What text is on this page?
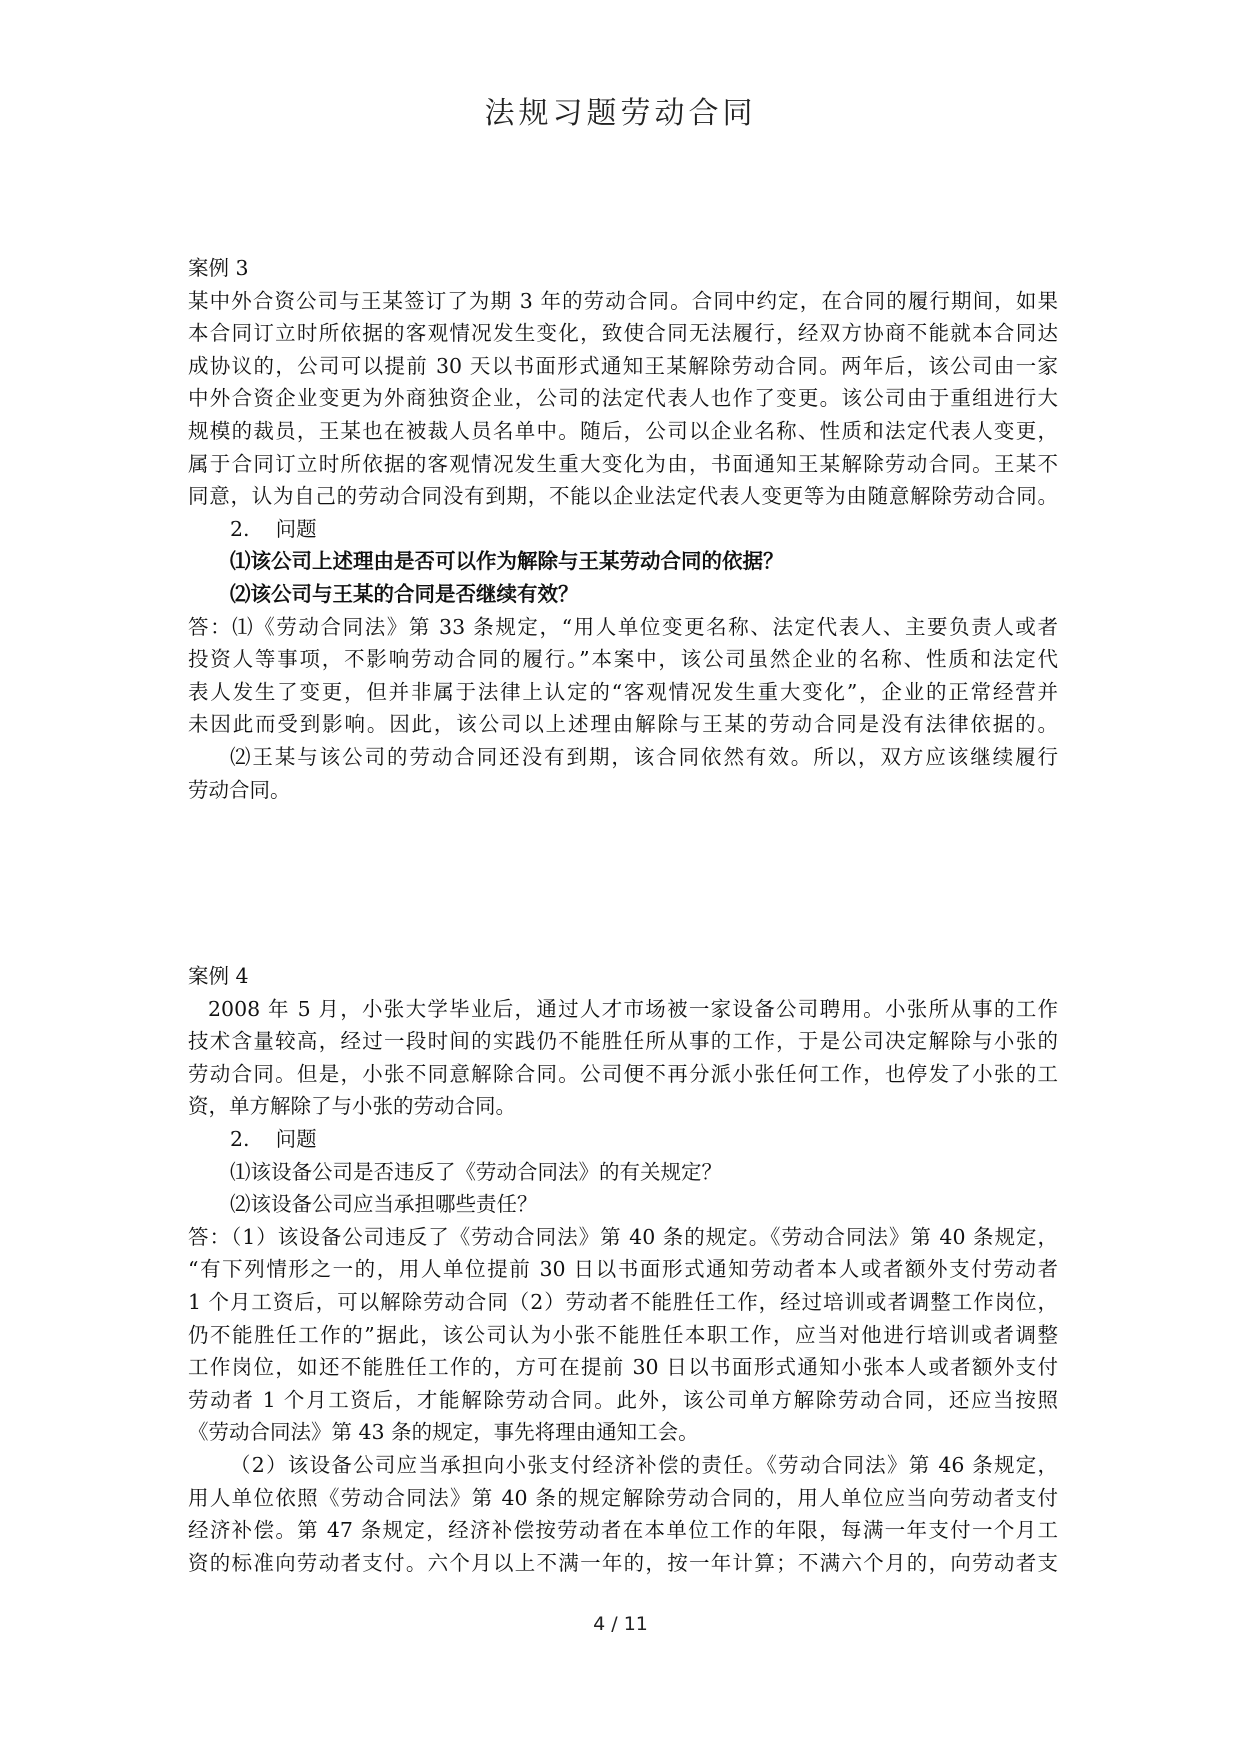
法规习题劳动合同
案例 3
某中外合资公司与王某签订了为期 3 年的劳动合同。合同中约定，在合同的履行期间，如果
本合同订立时所依据的客观情况发生变化，致使合同无法履行，经双方协商不能就本合同达
成协议的，公司可以提前 30 天以书面形式通知王某解除劳动合同。两年后，该公司由一家
中外合资企业变更为外商独资企业，公司的法定代表人也作了变更。该公司由于重组进行大
规模的裁员，王某也在被裁人员名单中。随后，公司以企业名称、性质和法定代表人变更，
属于合同订立时所依据的客观情况发生重大变化为由，书面通知王某解除劳动合同。王某不
同意，认为自己的劳动合同没有到期，不能以企业法定代表人变更等为由随意解除劳动合同。
2.    问题
⑴该公司上述理由是否可以作为解除与王某劳动合同的依据？
⑵该公司与王某的合同是否继续有效？
答：⑴《劳动合同法》第 33 条规定，“用人单位变更名称、法定代表人、主要负责人或者
投资人等事项，不影响劳动合同的履行。”本案中，该公司虽然企业的名称、性质和法定代
表人发生了变更，但并非属于法律上认定的“客观情况发生重大变化”，企业的正常经营并
未因此而受到影响。因此，该公司以上述理由解除与王某的劳动合同是没有法律依据的。
⑵王某与该公司的劳动合同还没有到期，该合同依然有效。所以，双方应该继续履行
劳动合同。
案例 4
2008 年 5 月，小张大学毕业后，通过人才市场被一家设备公司聘用。小张所从事的工作
技术含量较高，经过一段时间的实践仍不能胜任所从事的工作，于是公司决定解除与小张的
劳动合同。但是，小张不同意解除合同。公司便不再分派小张任何工作，也停发了小张的工
资，单方解除了与小张的劳动合同。
2.    问题
⑴该设备公司是否违反了《劳动合同法》的有关规定？
⑵该设备公司应当承担哪些责任？
答：（1）该设备公司违反了《劳动合同法》第 40 条的规定。《劳动合同法》第 40 条规定，
“有下列情形之一的，用人单位提前 30 日以书面形式通知劳动者本人或者额外支付劳动者
1 个月工资后，可以解除劳动合同（2）劳动者不能胜任工作，经过培训或者调整工作岗位，
仍不能胜任工作的”据此，该公司认为小张不能胜任本职工作，应当对他进行培训或者调整
工作岗位，如还不能胜任工作的，方可在提前 30 日以书面形式通知小张本人或者额外支付
劳动者 1 个月工资后，才能解除劳动合同。此外，该公司单方解除劳动合同，还应当按照
《劳动合同法》第 43 条的规定，事先将理由通知工会。
（2）该设备公司应当承担向小张支付经济补偿的责任。《劳动合同法》第 46 条规定，
用人单位依照《劳动合同法》第 40 条的规定解除劳动合同的，用人单位应当向劳动者支付
经济补偿。第 47 条规定，经济补偿按劳动者在本单位工作的年限，每满一年支付一个月工
资的标准向劳动者支付。六个月以上不满一年的，按一年计算；不满六个月的，向劳动者支
4 / 11
